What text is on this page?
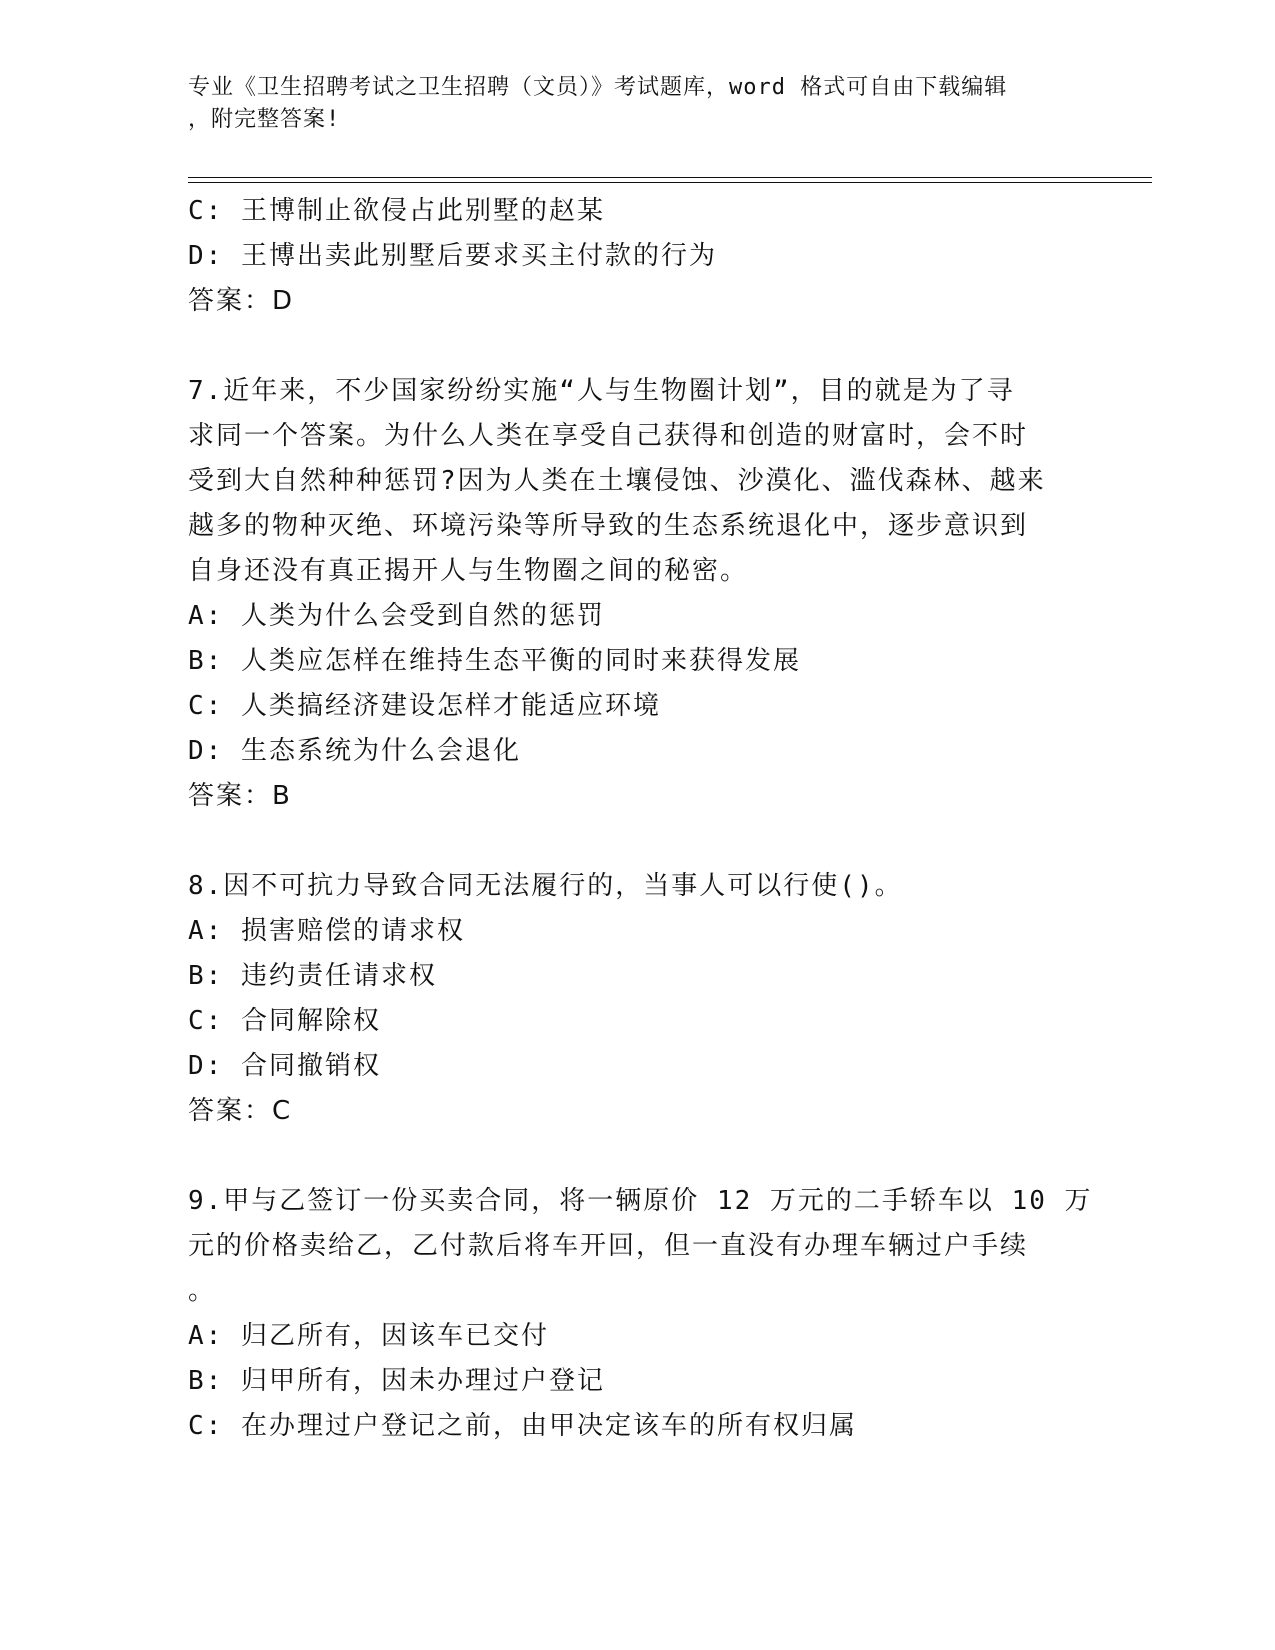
专业《卫生招聘考试之卫生招聘（文员）》考试题库，word 格式可自由下载编辑
，附完整答案!
C: 王博制止欲侵占此别墅的赵某
D: 王博出卖此别墅后要求买主付款的行为
答案：D
7.近年来，不少国家纷纷实施“人与生物圈计划”，目的就是为了寻
求同一个答案。为什么人类在享受自己获得和创造的财富时，会不时
受到大自然种种惩罚?因为人类在土壤侵蚀、沙漠化、滥伐森林、越来
越多的物种灭绝、环境污染等所导致的生态系统退化中，逐步意识到
自身还没有真正揭开人与生物圈之间的秘密。
A: 人类为什么会受到自然的惩罚
B: 人类应怎样在维持生态平衡的同时来获得发展
C: 人类搞经济建设怎样才能适应环境
D: 生态系统为什么会退化
答案：B
8.因不可抗力导致合同无法履行的，当事人可以行使()。
A: 损害赔偿的请求权
B: 违约责任请求权
C: 合同解除权
D: 合同撤销权
答案：C
9.甲与乙签订一份买卖合同，将一辆原价 12 万元的二手轿车以 10 万
元的价格卖给乙，乙付款后将车开回，但一直没有办理车辆过户手续
。
A: 归乙所有，因该车已交付
B: 归甲所有，因未办理过户登记
C: 在办理过户登记之前，由甲决定该车的所有权归属
